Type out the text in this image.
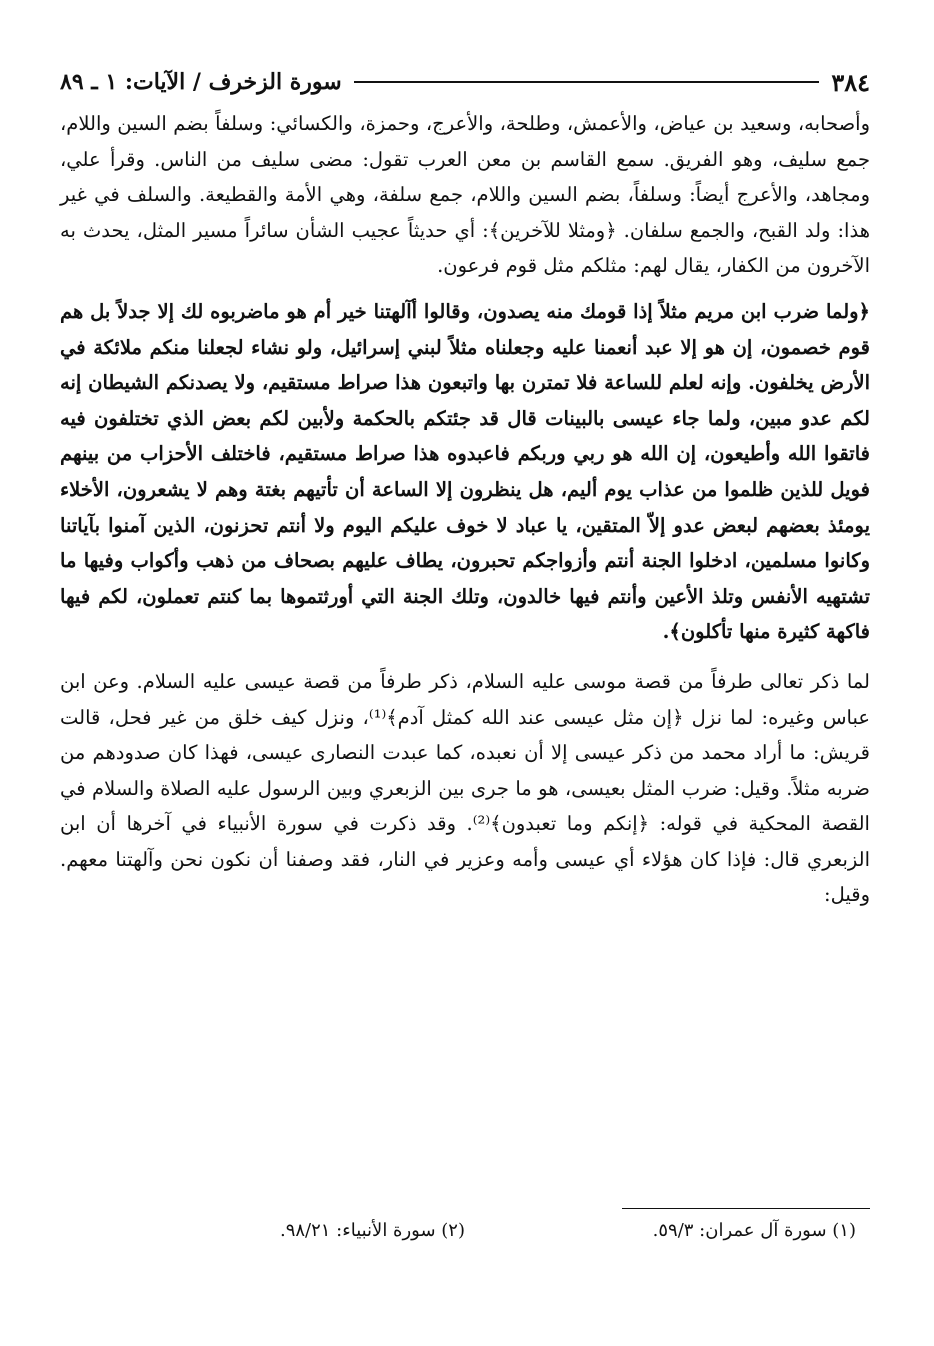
٣٨٤
سورة الزخرف / الآيات: ١ ـ ٨٩

وأصحابه، وسعيد بن عياض، والأعمش، وطلحة، والأعرج، وحمزة، والكسائي: وسلفاً بضم السين واللام، جمع سليف، وهو الفريق. سمع القاسم بن معن العرب تقول: مضى سليف من الناس. وقرأ علي، ومجاهد، والأعرج أيضاً: وسلفاً، بضم السين واللام، جمع سلفة، وهي الأمة والقطيعة. والسلف في غير هذا: ولد القبح، والجمع سلفان. ﴿ومثلا للآخرين﴾: أي حديثاً عجيب الشأن سائراً مسير المثل، يحدث به الآخرون من الكفار، يقال لهم: مثلكم مثل قوم فرعون.

﴿ولما ضرب ابن مريم مثلاً إذا قومك منه يصدون، وقالوا أآلهتنا خير أم هو ماضربوه لك إلا جدلاً بل هم قوم خصمون، إن هو إلا عبد أنعمنا عليه وجعلناه مثلاً لبني إسرائيل، ولو نشاء لجعلنا منكم ملائكة في الأرض يخلفون. وإنه لعلم للساعة فلا تمترن بها واتبعون هذا صراط مستقيم، ولا يصدنكم الشيطان إنه لكم عدو مبين، ولما جاء عيسى بالبينات قال قد جئتكم بالحكمة ولأبين لكم بعض الذي تختلفون فيه فاتقوا الله وأطيعون، إن الله هو ربي وربكم فاعبدوه هذا صراط مستقيم، فاختلف الأحزاب من بينهم فويل للذين ظلموا من عذاب يوم أليم، هل ينظرون إلا الساعة أن تأتيهم بغتة وهم لا يشعرون، الأخلاء يومئذ بعضهم لبعض عدو إلاّ المتقين، يا عباد لا خوف عليكم اليوم ولا أنتم تحزنون، الذين آمنوا بآياتنا وكانوا مسلمين، ادخلوا الجنة أنتم وأزواجكم تحبرون، يطاف عليهم بصحاف من ذهب وأكواب وفيها ما تشتهيه الأنفس وتلذ الأعين وأنتم فيها خالدون، وتلك الجنة التي أورثتموها بما كنتم تعملون، لكم فيها فاكهة كثيرة منها تأكلون﴾.

لما ذكر تعالى طرفاً من قصة موسى عليه السلام، ذكر طرفاً من قصة عيسى عليه السلام. وعن ابن عباس وغيره: لما نزل ﴿إن مثل عيسى عند الله كمثل آدم﴾⁽¹⁾، ونزل كيف خلق من غير فحل، قالت قريش: ما أراد محمد من ذكر عيسى إلا أن نعبده، كما عبدت النصارى عيسى، فهذا كان صدودهم من ضربه مثلاً. وقيل: ضرب المثل بعيسى، هو ما جرى بين الزبعري وبين الرسول عليه الصلاة والسلام في القصة المحكية في قوله: ﴿إنكم وما تعبدون﴾⁽²⁾. وقد ذكرت في سورة الأنبياء في آخرها أن ابن الزبعري قال: فإذا كان هؤلاء أي عيسى وأمه وعزير في النار، فقد وصفنا أن نكون نحن وآلهتنا معهم. وقيل:

(١) سورة آل عمران: ٥٩/٣.
(٢) سورة الأنبياء: ٩٨/٢١.
